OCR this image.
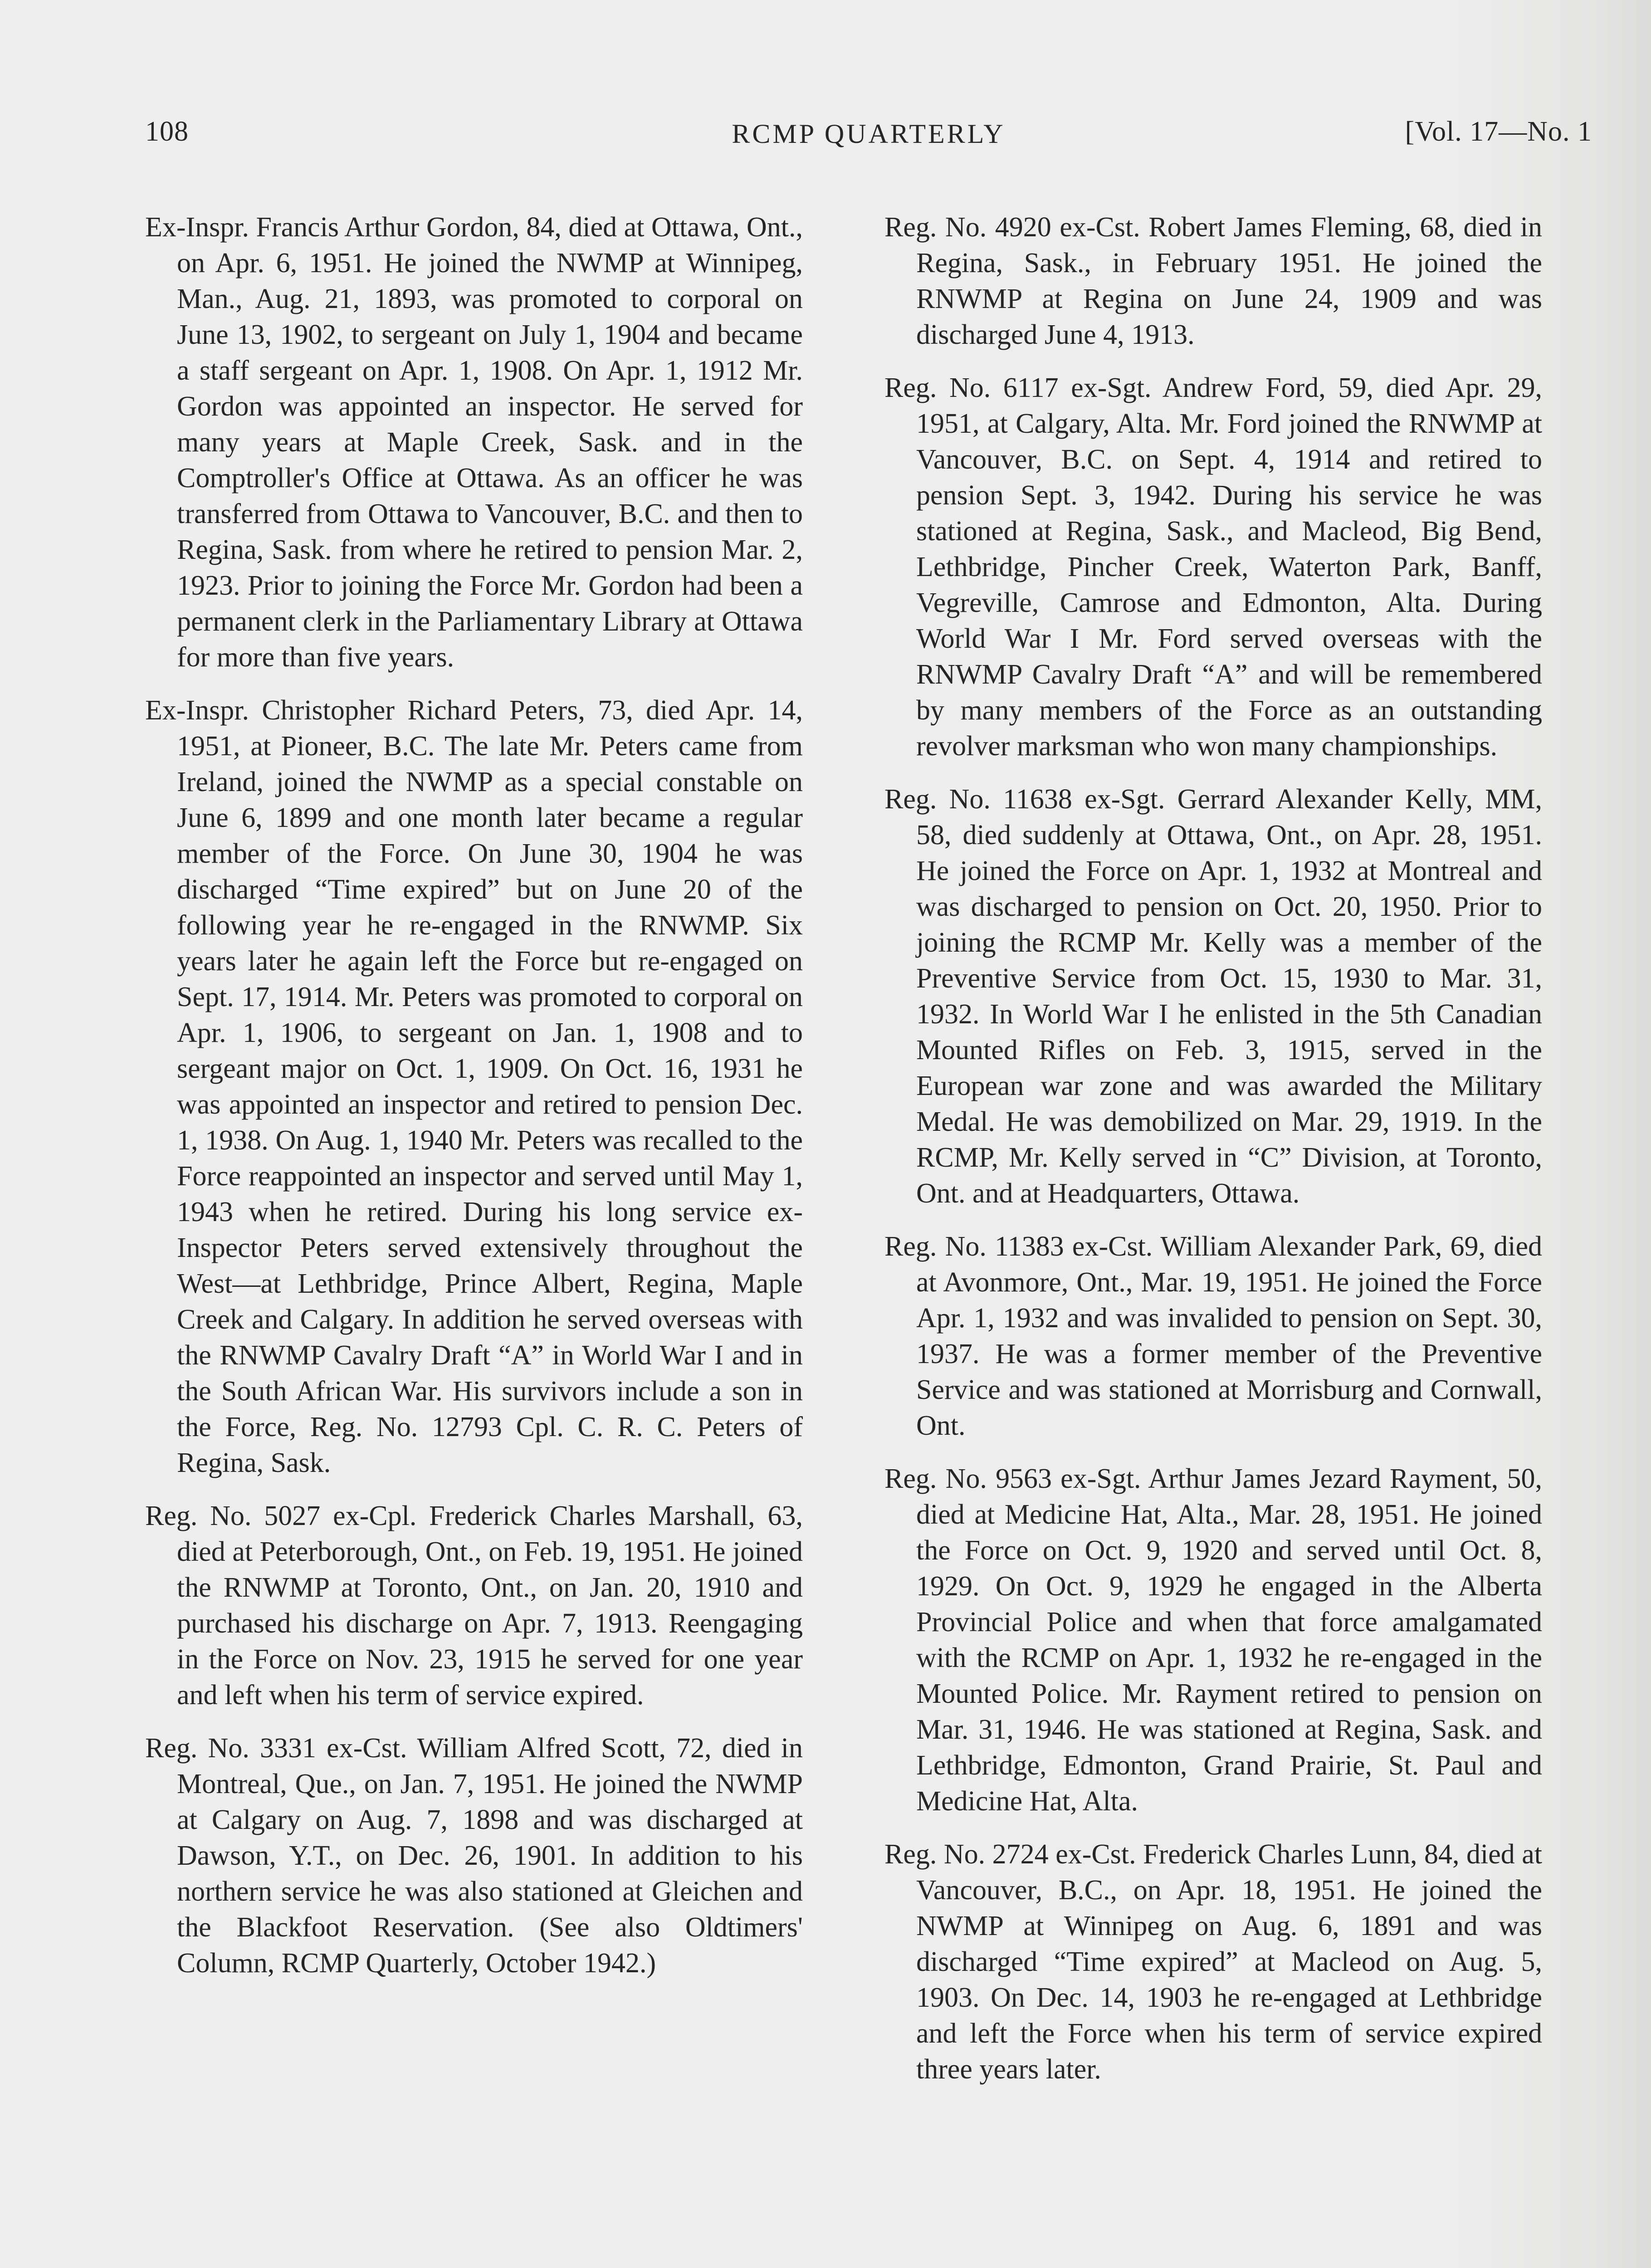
108	RCMP QUARTERLY	[Vol. 17—No. 1

Ex-Inspr. Francis Arthur Gordon, 84, died at Ottawa, Ont., on Apr. 6, 1951. He joined the NWMP at Winnipeg, Man., Aug. 21, 1893, was promoted to corporal on June 13, 1902, to sergeant on July 1, 1904 and became a staff sergeant on Apr. 1, 1908. On Apr. 1, 1912 Mr. Gordon was appointed an inspector. He served for many years at Maple Creek, Sask. and in the Comptroller's Office at Ottawa. As an officer he was transferred from Ottawa to Vancouver, B.C. and then to Regina, Sask. from where he retired to pension Mar. 2, 1923. Prior to joining the Force Mr. Gordon had been a permanent clerk in the Parliamentary Library at Ottawa for more than five years.

Ex-Inspr. Christopher Richard Peters, 73, died Apr. 14, 1951, at Pioneer, B.C. The late Mr. Peters came from Ireland, joined the NWMP as a special constable on June 6, 1899 and one month later became a regular member of the Force. On June 30, 1904 he was discharged “Time expired” but on June 20 of the following year he re-engaged in the RNWMP. Six years later he again left the Force but re-engaged on Sept. 17, 1914. Mr. Peters was promoted to corporal on Apr. 1, 1906, to sergeant on Jan. 1, 1908 and to sergeant major on Oct. 1, 1909. On Oct. 16, 1931 he was appointed an inspector and retired to pension Dec. 1, 1938. On Aug. 1, 1940 Mr. Peters was recalled to the Force reappointed an inspector and served until May 1, 1943 when he retired. During his long service ex-Inspector Peters served extensively throughout the West—at Lethbridge, Prince Albert, Regina, Maple Creek and Calgary. In addition he served overseas with the RNWMP Cavalry Draft “A” in World War I and in the South African War. His survivors include a son in the Force, Reg. No. 12793 Cpl. C. R. C. Peters of Regina, Sask.

Reg. No. 5027 ex-Cpl. Frederick Charles Marshall, 63, died at Peterborough, Ont., on Feb. 19, 1951. He joined the RNWMP at Toronto, Ont., on Jan. 20, 1910 and purchased his discharge on Apr. 7, 1913. Reengaging in the Force on Nov. 23, 1915 he served for one year and left when his term of service expired.

Reg. No. 3331 ex-Cst. William Alfred Scott, 72, died in Montreal, Que., on Jan. 7, 1951. He joined the NWMP at Calgary on Aug. 7, 1898 and was discharged at Dawson, Y.T., on Dec. 26, 1901. In addition to his northern service he was also stationed at Gleichen and the Blackfoot Reservation. (See also Oldtimers' Column, RCMP Quarterly, October 1942.)

Reg. No. 4920 ex-Cst. Robert James Fleming, 68, died in Regina, Sask., in February 1951. He joined the RNWMP at Regina on June 24, 1909 and was discharged June 4, 1913.

Reg. No. 6117 ex-Sgt. Andrew Ford, 59, died Apr. 29, 1951, at Calgary, Alta. Mr. Ford joined the RNWMP at Vancouver, B.C. on Sept. 4, 1914 and retired to pension Sept. 3, 1942. During his service he was stationed at Regina, Sask., and Macleod, Big Bend, Lethbridge, Pincher Creek, Waterton Park, Banff, Vegreville, Camrose and Edmonton, Alta. During World War I Mr. Ford served overseas with the RNWMP Cavalry Draft “A” and will be remembered by many members of the Force as an outstanding revolver marksman who won many championships.

Reg. No. 11638 ex-Sgt. Gerrard Alexander Kelly, MM, 58, died suddenly at Ottawa, Ont., on Apr. 28, 1951. He joined the Force on Apr. 1, 1932 at Montreal and was discharged to pension on Oct. 20, 1950. Prior to joining the RCMP Mr. Kelly was a member of the Preventive Service from Oct. 15, 1930 to Mar. 31, 1932. In World War I he enlisted in the 5th Canadian Mounted Rifles on Feb. 3, 1915, served in the European war zone and was awarded the Military Medal. He was demobilized on Mar. 29, 1919. In the RCMP, Mr. Kelly served in “C” Division, at Toronto, Ont. and at Headquarters, Ottawa.

Reg. No. 11383 ex-Cst. William Alexander Park, 69, died at Avonmore, Ont., Mar. 19, 1951. He joined the Force Apr. 1, 1932 and was invalided to pension on Sept. 30, 1937. He was a former member of the Preventive Service and was stationed at Morrisburg and Cornwall, Ont.

Reg. No. 9563 ex-Sgt. Arthur James Jezard Rayment, 50, died at Medicine Hat, Alta., Mar. 28, 1951. He joined the Force on Oct. 9, 1920 and served until Oct. 8, 1929. On Oct. 9, 1929 he engaged in the Alberta Provincial Police and when that force amalgamated with the RCMP on Apr. 1, 1932 he re-engaged in the Mounted Police. Mr. Rayment retired to pension on Mar. 31, 1946. He was stationed at Regina, Sask. and Lethbridge, Edmonton, Grand Prairie, St. Paul and Medicine Hat, Alta.

Reg. No. 2724 ex-Cst. Frederick Charles Lunn, 84, died at Vancouver, B.C., on Apr. 18, 1951. He joined the NWMP at Winnipeg on Aug. 6, 1891 and was discharged “Time expired” at Macleod on Aug. 5, 1903. On Dec. 14, 1903 he re-engaged at Lethbridge and left the Force when his term of service expired three years later.
